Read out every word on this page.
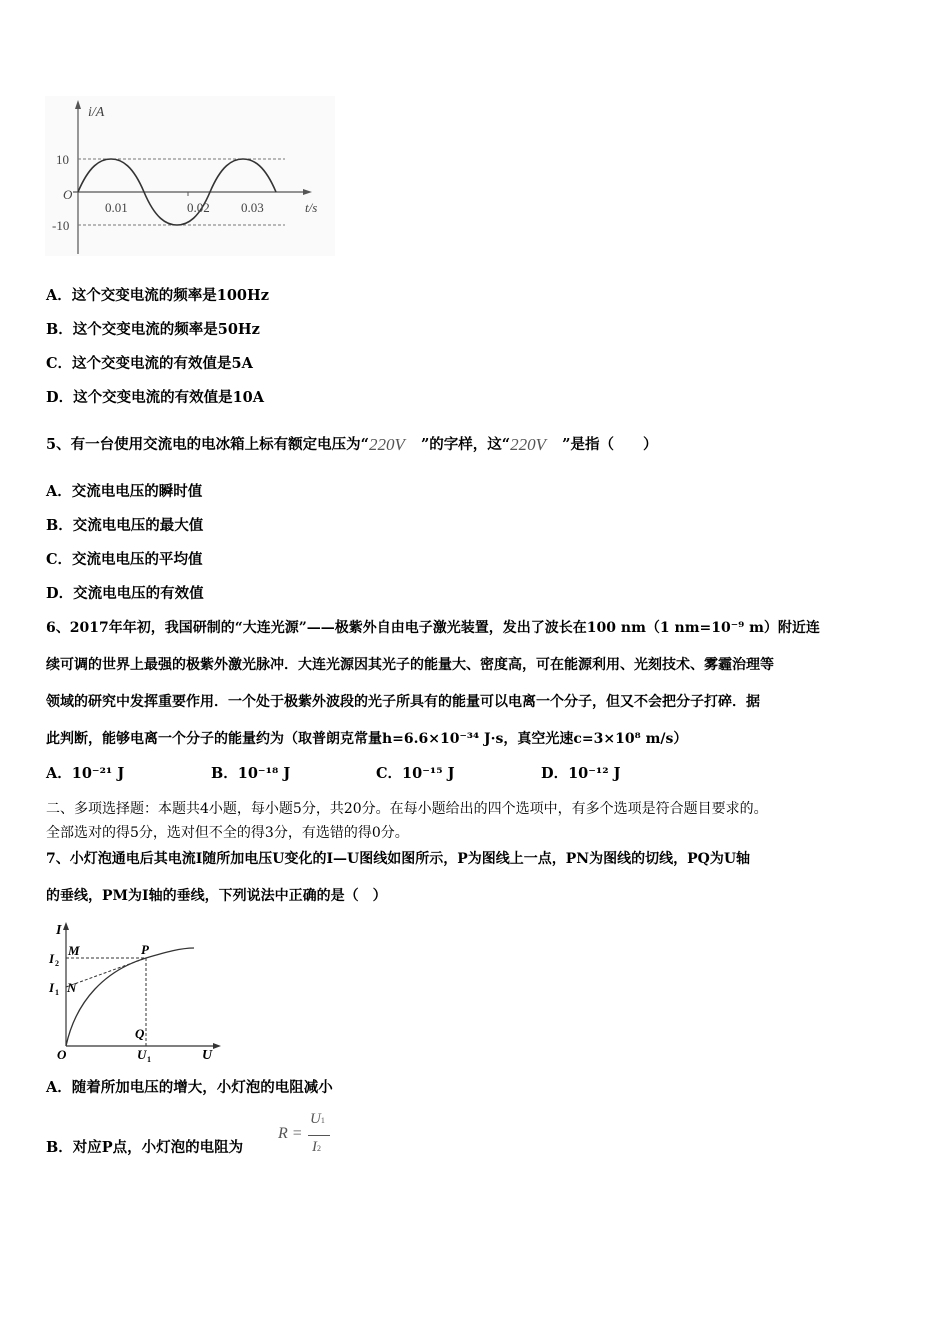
i/A
10
-10
O
0.01	0.02 0.03	t/s
A．这个交变电流的频率是100Hz
B．这个交变电流的频率是50Hz
C．这个交变电流的有效值是5A
D．这个交变电流的有效值是10A
5、有一台使用交流电的电冰箱上标有额定电压为“ 220V ”的字样，这“ 220V ”是指（　　）
A．交流电电压的瞬时值
B．交流电电压的最大值
C．交流电电压的平均值
D．交流电电压的有效值
6、2017年年初，我国研制的“大连光源”——极紫外自由电子激光装置，发出了波长在100 nm（1 nm=10⁻⁹ m）附近连
续可调的世界上最强的极紫外激光脉冲．大连光源因其光子的能量大、密度高，可在能源利用、光刻技术、雾霾治理等
领域的研究中发挥重要作用．一个处于极紫外波段的光子所具有的能量可以电离一个分子，但又不会把分子打碎．据
此判断，能够电离一个分子的能量约为（取普朗克常量h=6.6×10⁻³⁴ J·s，真空光速c=3×10⁸ m/s）
A．10⁻²¹ J	B．10⁻¹⁸ J	C．10⁻¹⁵ J	D．10⁻¹² J
二、多项选择题：本题共4小题，每小题5分，共20分。在每小题给出的四个选项中，有多个选项是符合题目要求的。
全部选对的得5分，选对但不全的得3分，有选错的得0分。
7、小灯泡通电后其电流I随所加电压U变化的I—U图线如图所示，P为图线上一点，PN为图线的切线，PQ为U轴
的垂线，PM为I轴的垂线，下列说法中正确的是（　）
I
I 2
M
I 1 N
P
Q
O	U 1	U
A．随着所加电压的增大，小灯泡的电阻减小
B．对应P点，小灯泡的电阻为
R =
U1
I2
